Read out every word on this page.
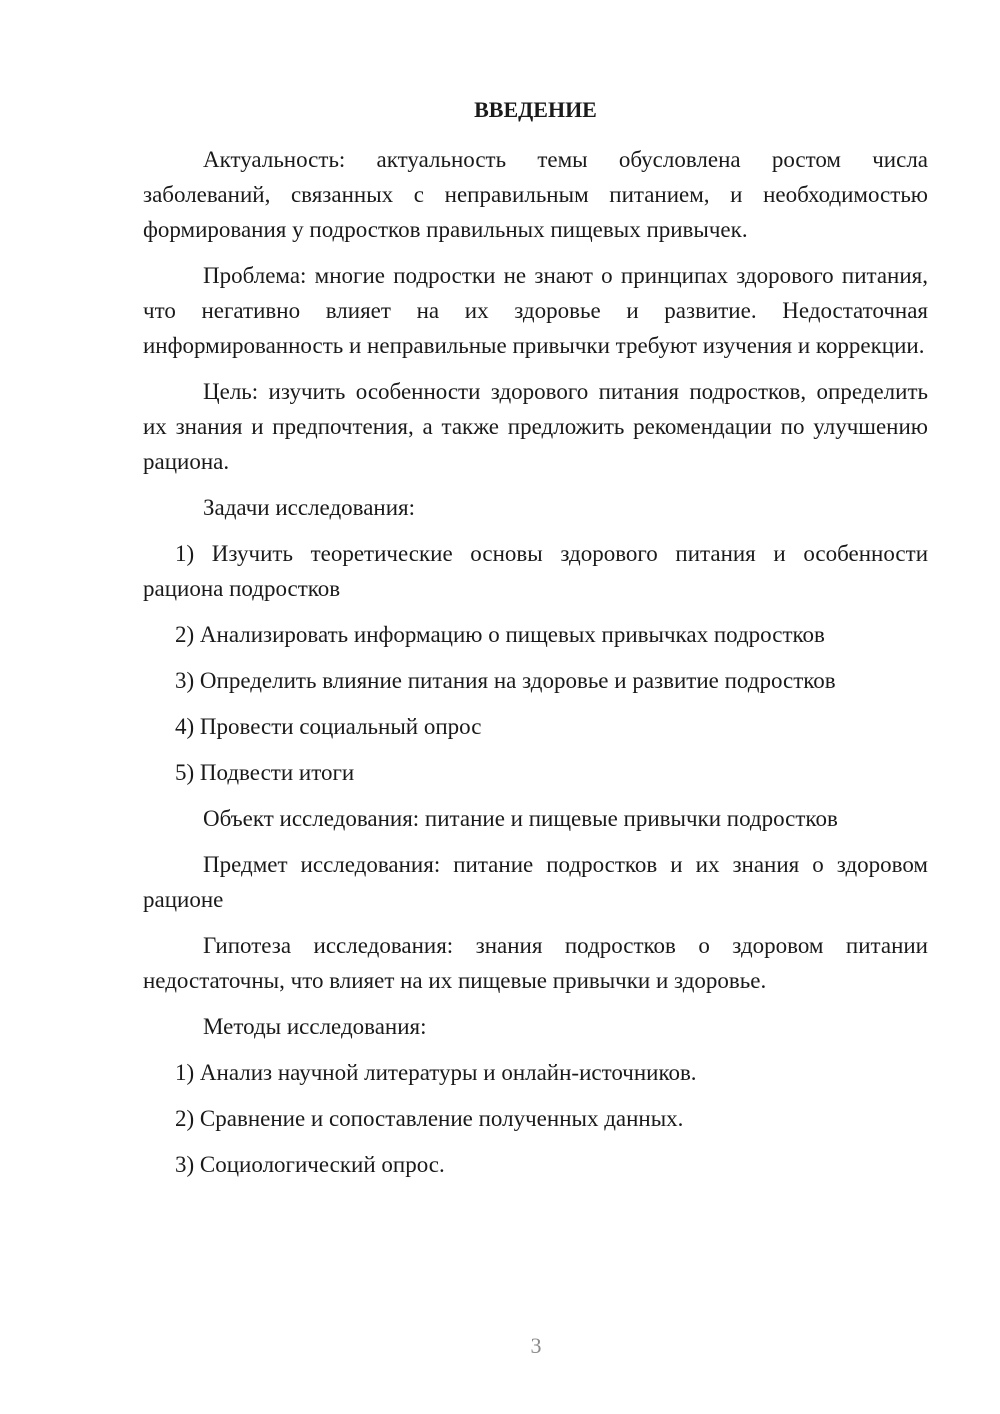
ВВЕДЕНИЕ

Актуальность: актуальность темы обусловлена ростом числа заболеваний, связанных с неправильным питанием, и необходимостью формирования у подростков правильных пищевых привычек.

Проблема: многие подростки не знают о принципах здорового питания, что негативно влияет на их здоровье и развитие. Недостаточная информированность и неправильные привычки требуют изучения и коррекции.

Цель: изучить особенности здорового питания подростков, определить их знания и предпочтения, а также предложить рекомендации по улучшению рациона.

Задачи исследования:

1) Изучить теоретические основы здорового питания и особенности рациона подростков

2) Анализировать информацию о пищевых привычках подростков

3) Определить влияние питания на здоровье и развитие подростков

4) Провести социальный опрос

5) Подвести итоги

Объект исследования: питание и пищевые привычки подростков

Предмет исследования: питание подростков и их знания о здоровом рационе

Гипотеза исследования: знания подростков о здоровом питании недостаточны, что влияет на их пищевые привычки и здоровье.

Методы исследования:

1) Анализ научной литературы и онлайн-источников.

2) Сравнение и сопоставление полученных данных.

3) Социологический опрос.

3
